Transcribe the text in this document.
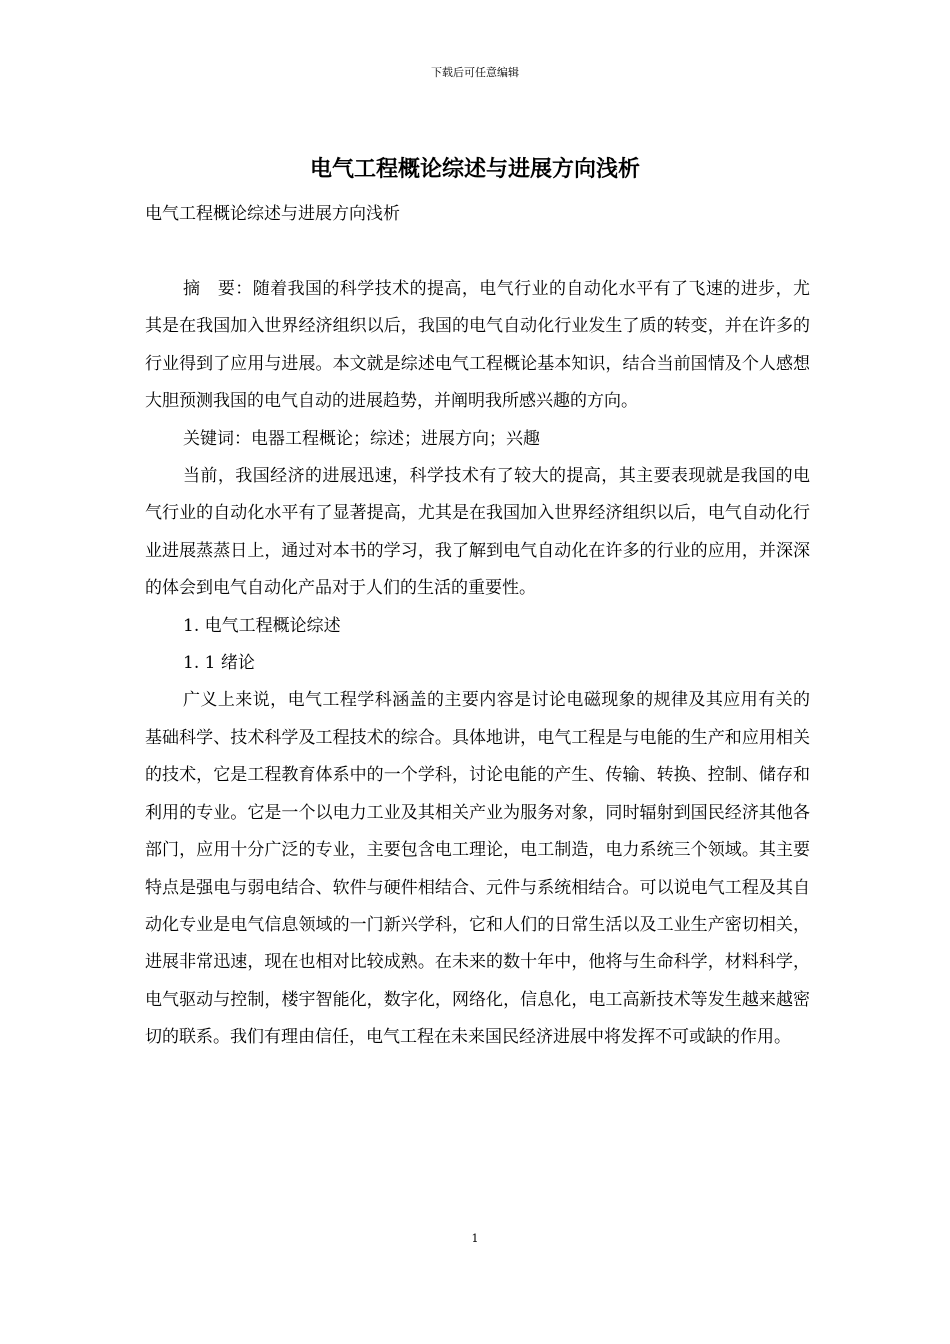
下载后可任意编辑
电气工程概论综述与进展方向浅析
电气工程概论综述与进展方向浅析

摘　要：随着我国的科学技术的提高，电气行业的自动化水平有了飞速的进步，尤其是在我国加入世界经济组织以后，我国的电气自动化行业发生了质的转变，并在许多的行业得到了应用与进展。本文就是综述电气工程概论基本知识，结合当前国情及个人感想大胆预测我国的电气自动的进展趋势，并阐明我所感兴趣的方向。

关键词：电器工程概论；综述；进展方向；兴趣

当前，我国经济的进展迅速，科学技术有了较大的提高，其主要表现就是我国的电气行业的自动化水平有了显著提高，尤其是在我国加入世界经济组织以后，电气自动化行业进展蒸蒸日上，通过对本书的学习，我了解到电气自动化在许多的行业的应用，并深深的体会到电气自动化产品对于人们的生活的重要性。

1. 电气工程概论综述

1. 1 绪论

广义上来说，电气工程学科涵盖的主要内容是讨论电磁现象的规律及其应用有关的基础科学、技术科学及工程技术的综合。具体地讲，电气工程是与电能的生产和应用相关的技术，它是工程教育体系中的一个学科，讨论电能的产生、传输、转换、控制、储存和利用的专业。它是一个以电力工业及其相关产业为服务对象，同时辐射到国民经济其他各部门，应用十分广泛的专业，主要包含电工理论，电工制造，电力系统三个领域。其主要特点是强电与弱电结合、软件与硬件相结合、元件与系统相结合。可以说电气工程及其自动化专业是电气信息领域的一门新兴学科，它和人们的日常生活以及工业生产密切相关，进展非常迅速，现在也相对比较成熟。在未来的数十年中，他将与生命科学，材料科学，电气驱动与控制，楼宇智能化，数字化，网络化，信息化，电工高新技术等发生越来越密切的联系。我们有理由信任，电气工程在未来国民经济进展中将发挥不可或缺的作用。

1
